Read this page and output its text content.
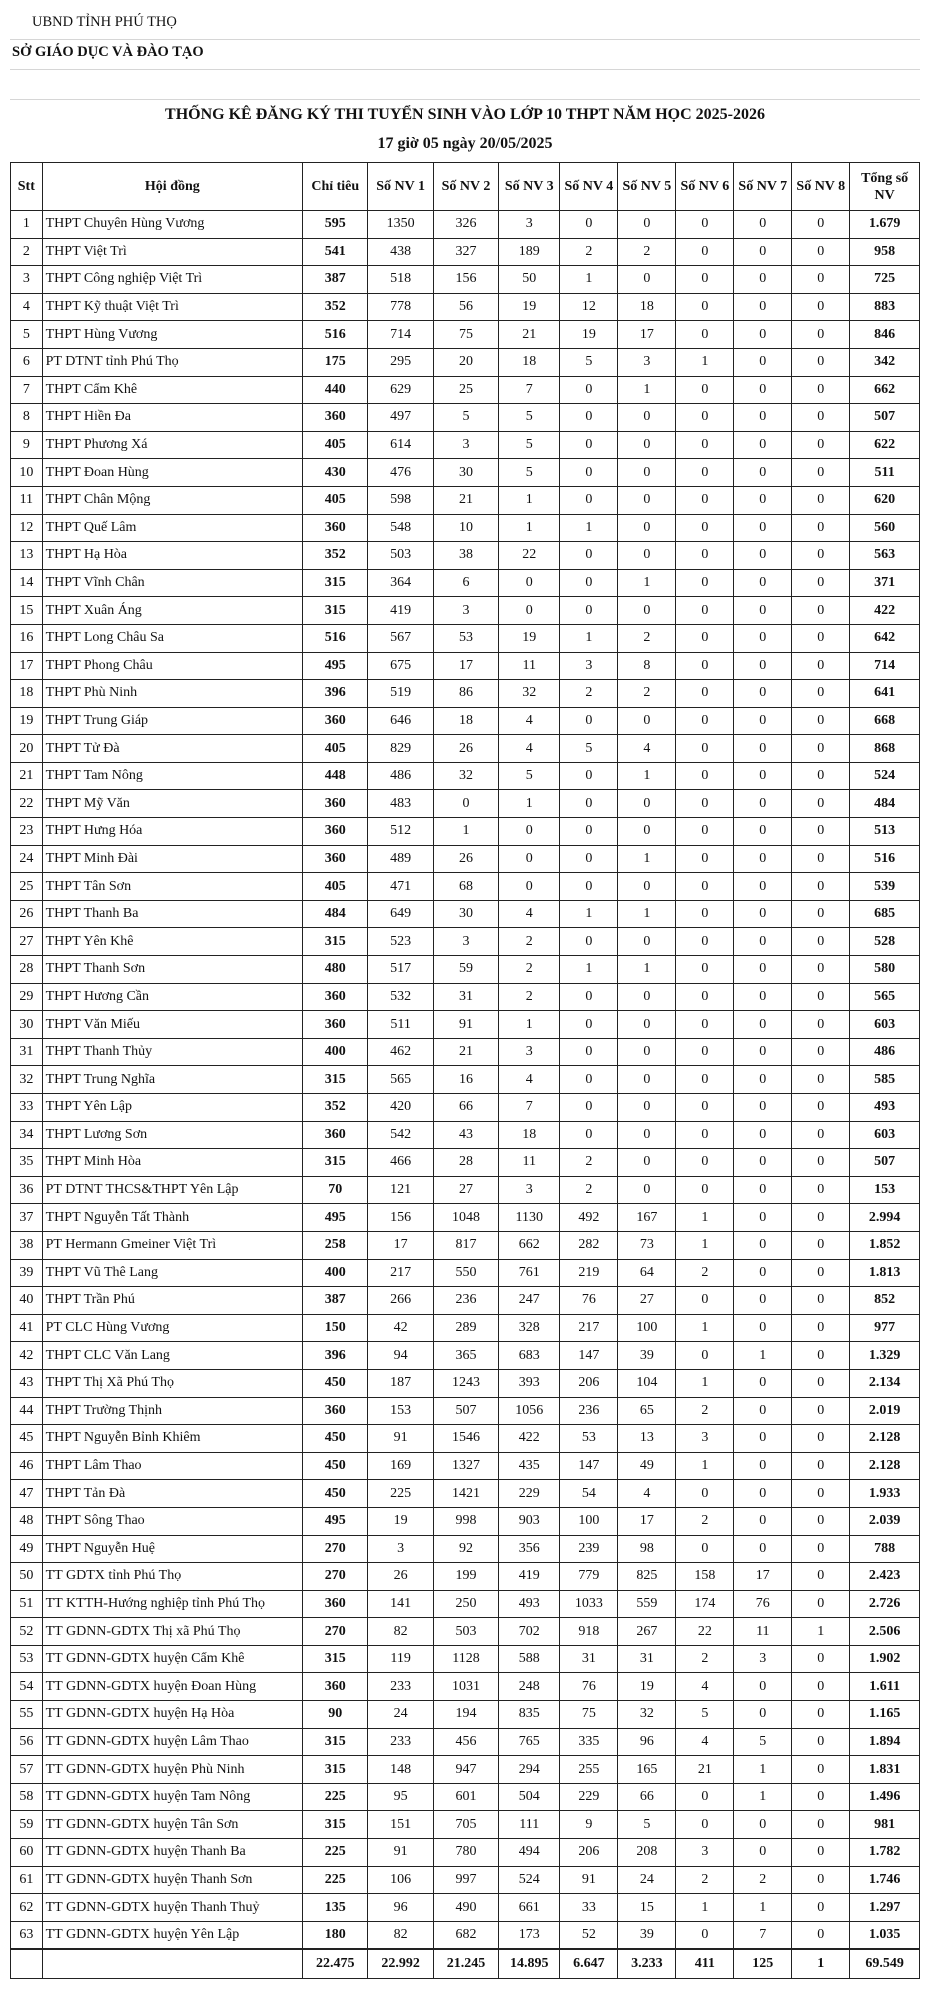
UBND TỈNH PHÚ THỌ
SỞ GIÁO DỤC VÀ ĐÀO TẠO
THỐNG KÊ ĐĂNG KÝ THI TUYỂN SINH VÀO LỚP 10 THPT NĂM HỌC 2025-2026
17 giờ 05 ngày 20/05/2025
Stt	Hội đồng	Chỉ tiêu	Số NV 1	Số NV 2	Số NV 3	Số NV 4	Số NV 5	Số NV 6	Số NV 7	Số NV 8	Tổng số NV
1	THPT Chuyên Hùng Vương	595	1350	326	3	0	0	0	0	0	1.679
2	THPT Việt Trì	541	438	327	189	2	2	0	0	0	958
3	THPT Công nghiệp Việt Trì	387	518	156	50	1	0	0	0	0	725
4	THPT Kỹ thuật Việt Trì	352	778	56	19	12	18	0	0	0	883
5	THPT Hùng Vương	516	714	75	21	19	17	0	0	0	846
6	PT DTNT tỉnh Phú Thọ	175	295	20	18	5	3	1	0	0	342
7	THPT Cẩm Khê	440	629	25	7	0	1	0	0	0	662
8	THPT Hiền Đa	360	497	5	5	0	0	0	0	0	507
9	THPT Phương Xá	405	614	3	5	0	0	0	0	0	622
10	THPT Đoan Hùng	430	476	30	5	0	0	0	0	0	511
11	THPT Chân Mộng	405	598	21	1	0	0	0	0	0	620
12	THPT Quế Lâm	360	548	10	1	1	0	0	0	0	560
13	THPT Hạ Hòa	352	503	38	22	0	0	0	0	0	563
14	THPT Vĩnh Chân	315	364	6	0	0	1	0	0	0	371
15	THPT Xuân Áng	315	419	3	0	0	0	0	0	0	422
16	THPT Long Châu Sa	516	567	53	19	1	2	0	0	0	642
17	THPT Phong Châu	495	675	17	11	3	8	0	0	0	714
18	THPT Phù Ninh	396	519	86	32	2	2	0	0	0	641
19	THPT Trung Giáp	360	646	18	4	0	0	0	0	0	668
20	THPT Tử Đà	405	829	26	4	5	4	0	0	0	868
21	THPT Tam Nông	448	486	32	5	0	1	0	0	0	524
22	THPT Mỹ Văn	360	483	0	1	0	0	0	0	0	484
23	THPT Hưng Hóa	360	512	1	0	0	0	0	0	0	513
24	THPT Minh Đài	360	489	26	0	0	1	0	0	0	516
25	THPT Tân Sơn	405	471	68	0	0	0	0	0	0	539
26	THPT Thanh Ba	484	649	30	4	1	1	0	0	0	685
27	THPT Yên Khê	315	523	3	2	0	0	0	0	0	528
28	THPT Thanh Sơn	480	517	59	2	1	1	0	0	0	580
29	THPT Hương Cần	360	532	31	2	0	0	0	0	0	565
30	THPT Văn Miếu	360	511	91	1	0	0	0	0	0	603
31	THPT Thanh Thủy	400	462	21	3	0	0	0	0	0	486
32	THPT Trung Nghĩa	315	565	16	4	0	0	0	0	0	585
33	THPT Yên Lập	352	420	66	7	0	0	0	0	0	493
34	THPT Lương Sơn	360	542	43	18	0	0	0	0	0	603
35	THPT Minh Hòa	315	466	28	11	2	0	0	0	0	507
36	PT DTNT THCS&THPT Yên Lập	70	121	27	3	2	0	0	0	0	153
37	THPT Nguyễn Tất Thành	495	156	1048	1130	492	167	1	0	0	2.994
38	PT Hermann Gmeiner Việt Trì	258	17	817	662	282	73	1	0	0	1.852
39	THPT Vũ Thê Lang	400	217	550	761	219	64	2	0	0	1.813
40	THPT Trần Phú	387	266	236	247	76	27	0	0	0	852
41	PT CLC Hùng Vương	150	42	289	328	217	100	1	0	0	977
42	THPT CLC Văn Lang	396	94	365	683	147	39	0	1	0	1.329
43	THPT Thị Xã Phú Thọ	450	187	1243	393	206	104	1	0	0	2.134
44	THPT Trường Thịnh	360	153	507	1056	236	65	2	0	0	2.019
45	THPT Nguyễn Bỉnh Khiêm	450	91	1546	422	53	13	3	0	0	2.128
46	THPT Lâm Thao	450	169	1327	435	147	49	1	0	0	2.128
47	THPT Tản Đà	450	225	1421	229	54	4	0	0	0	1.933
48	THPT Sông Thao	495	19	998	903	100	17	2	0	0	2.039
49	THPT Nguyễn Huệ	270	3	92	356	239	98	0	0	0	788
50	TT GDTX tỉnh Phú Thọ	270	26	199	419	779	825	158	17	0	2.423
51	TT KTTH-Hướng nghiệp tỉnh Phú Thọ	360	141	250	493	1033	559	174	76	0	2.726
52	TT GDNN-GDTX Thị xã Phú Thọ	270	82	503	702	918	267	22	11	1	2.506
53	TT GDNN-GDTX huyện Cẩm Khê	315	119	1128	588	31	31	2	3	0	1.902
54	TT GDNN-GDTX huyện Đoan Hùng	360	233	1031	248	76	19	4	0	0	1.611
55	TT GDNN-GDTX huyện Hạ Hòa	90	24	194	835	75	32	5	0	0	1.165
56	TT GDNN-GDTX huyện Lâm Thao	315	233	456	765	335	96	4	5	0	1.894
57	TT GDNN-GDTX huyện Phù Ninh	315	148	947	294	255	165	21	1	0	1.831
58	TT GDNN-GDTX huyện Tam Nông	225	95	601	504	229	66	0	1	0	1.496
59	TT GDNN-GDTX huyện Tân Sơn	315	151	705	111	9	5	0	0	0	981
60	TT GDNN-GDTX huyện Thanh Ba	225	91	780	494	206	208	3	0	0	1.782
61	TT GDNN-GDTX huyện Thanh Sơn	225	106	997	524	91	24	2	2	0	1.746
62	TT GDNN-GDTX huyện Thanh Thuỷ	135	96	490	661	33	15	1	1	0	1.297
63	TT GDNN-GDTX huyện Yên Lập	180	82	682	173	52	39	0	7	0	1.035
		22.475	22.992	21.245	14.895	6.647	3.233	411	125	1	69.549
